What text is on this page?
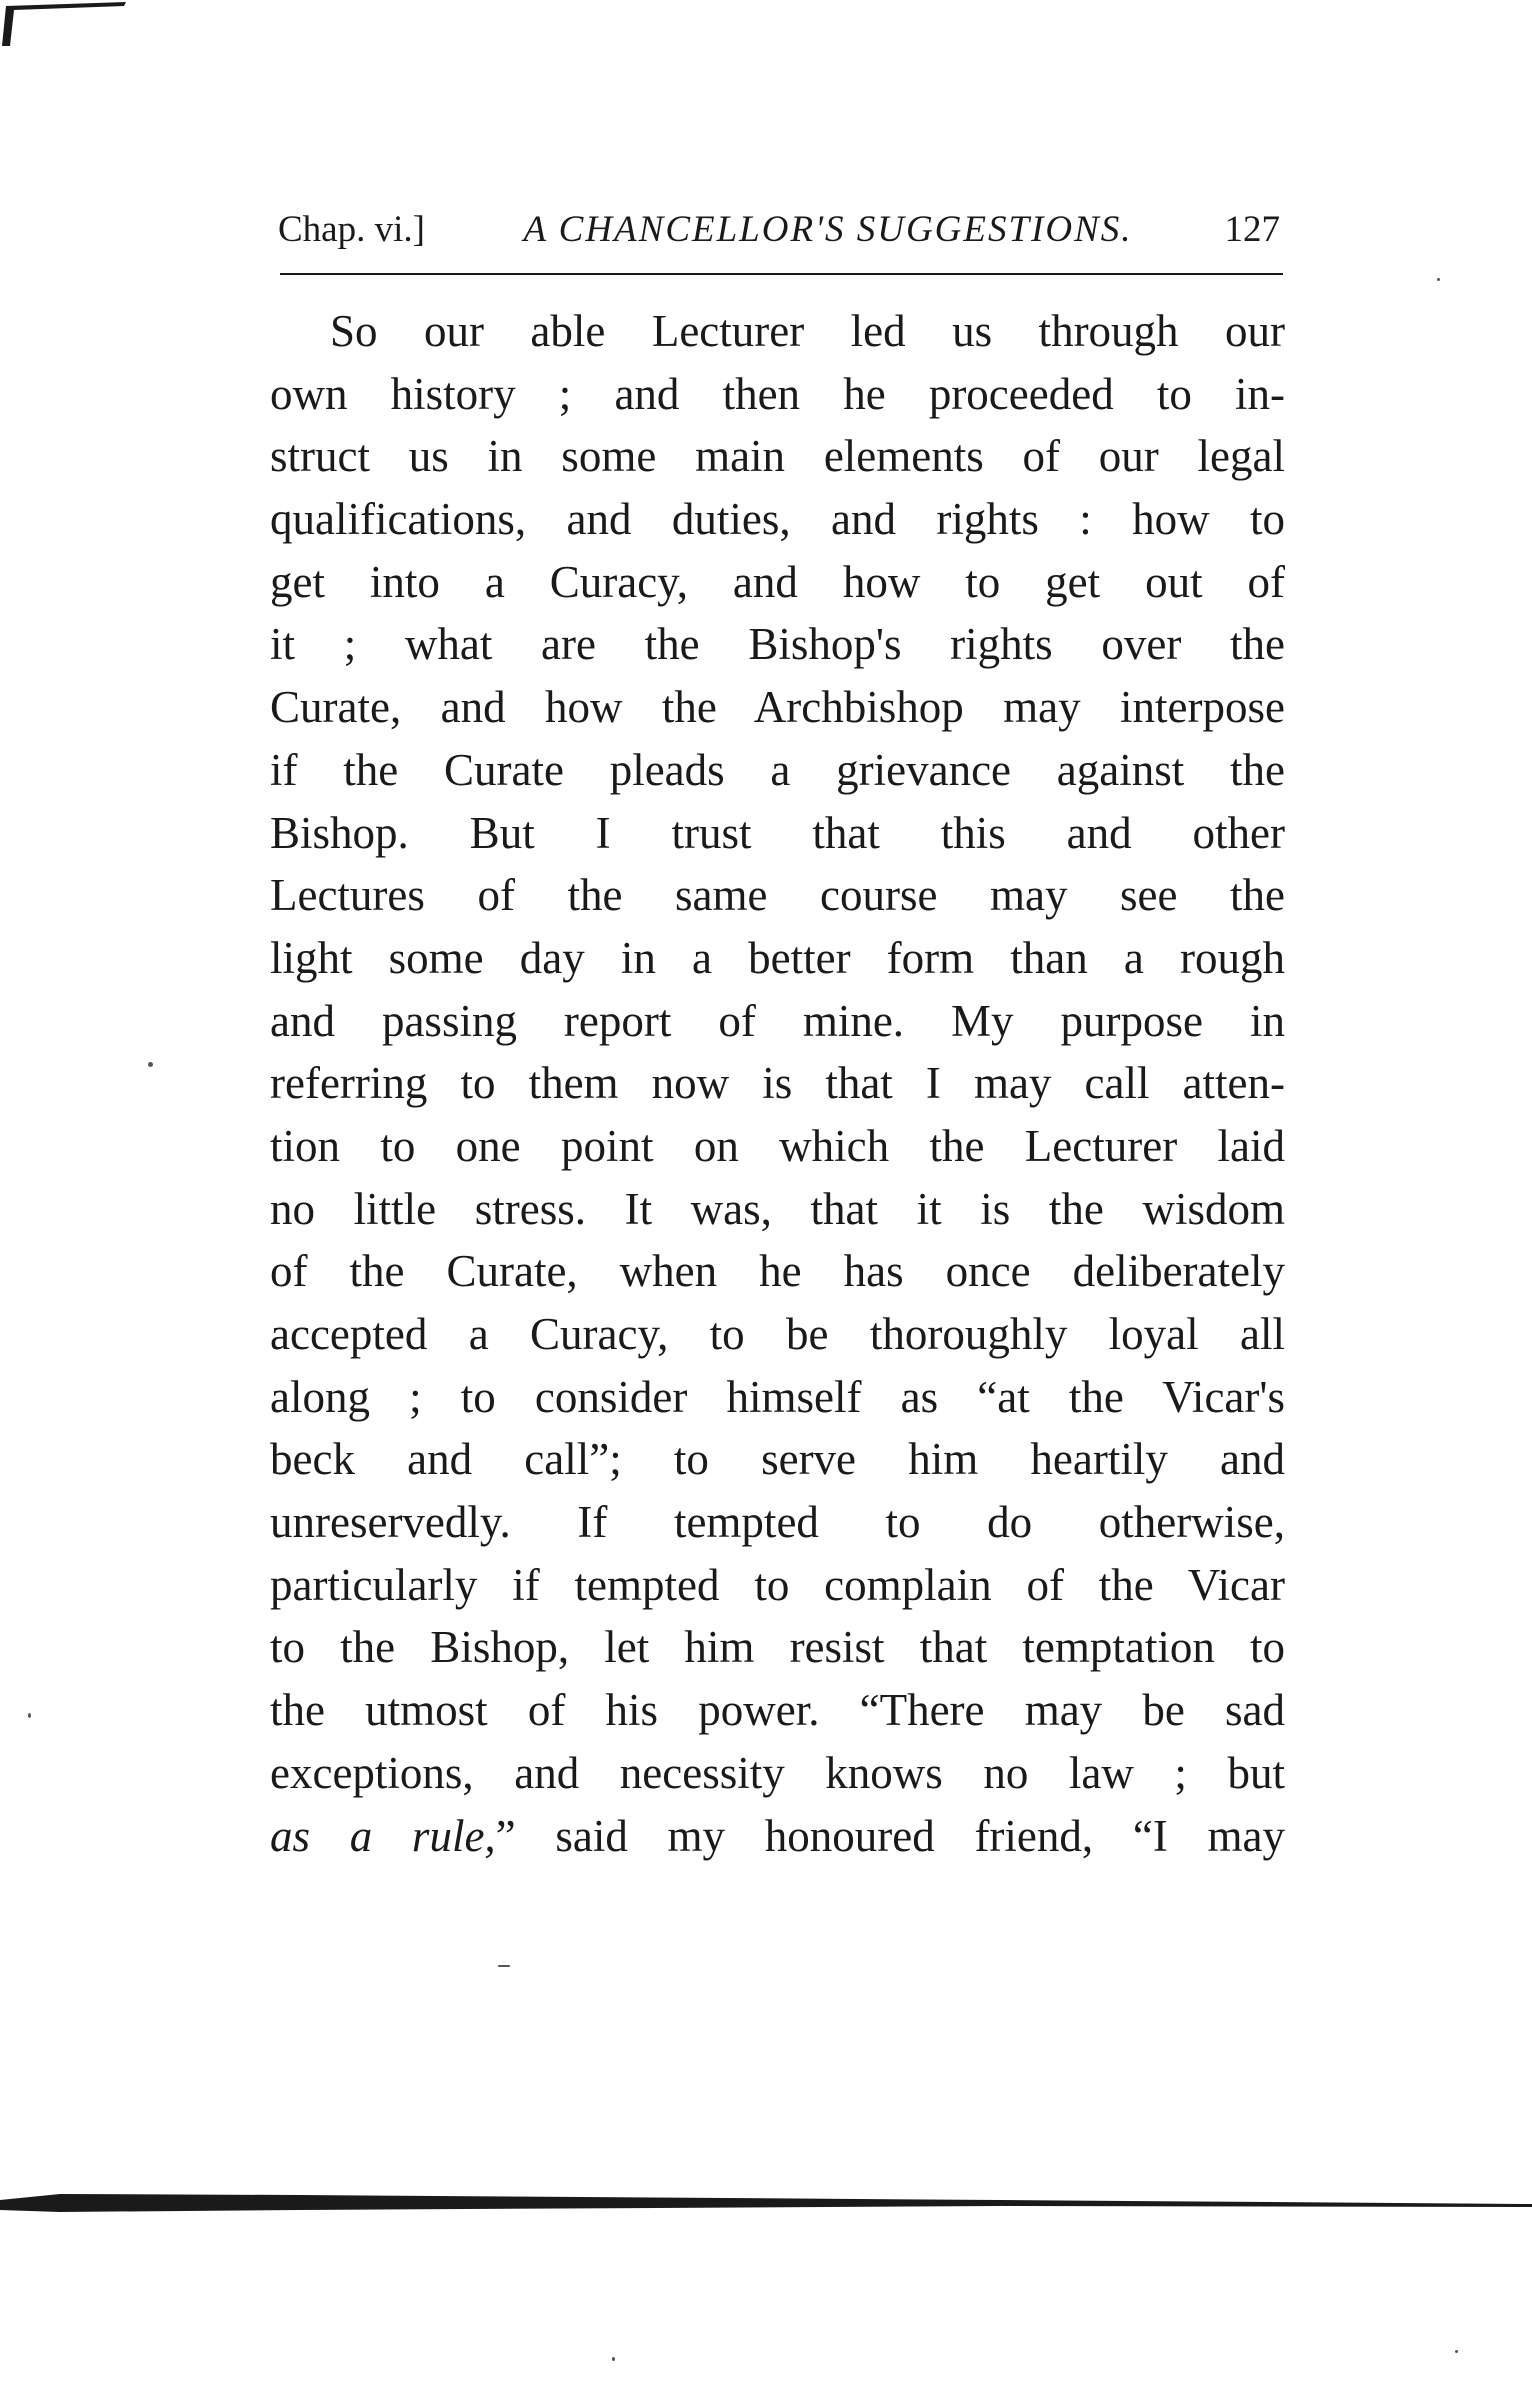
Chap. vi.]	A CHANCELLOR'S SUGGESTIONS.	127
So our able Lecturer led us through our
own history ; and then he proceeded to in-
struct us in some main elements of our legal
qualifications, and duties, and rights : how to
get into a Curacy, and how to get out of
it ; what are the Bishop's rights over the
Curate, and how the Archbishop may interpose
if the Curate pleads a grievance against the
Bishop. But I trust that this and other
Lectures of the same course may see the
light some day in a better form than a rough
and passing report of mine. My purpose in
referring to them now is that I may call atten-
tion to one point on which the Lecturer laid
no little stress. It was, that it is the wisdom
of the Curate, when he has once deliberately
accepted a Curacy, to be thoroughly loyal all
along ; to consider himself as “at the Vicar's
beck and call”; to serve him heartily and
unreservedly. If tempted to do otherwise,
particularly if tempted to complain of the Vicar
to the Bishop, let him resist that temptation to
the utmost of his power. “There may be sad
exceptions, and necessity knows no law ; but
as a rule,” said my honoured friend, “I may
